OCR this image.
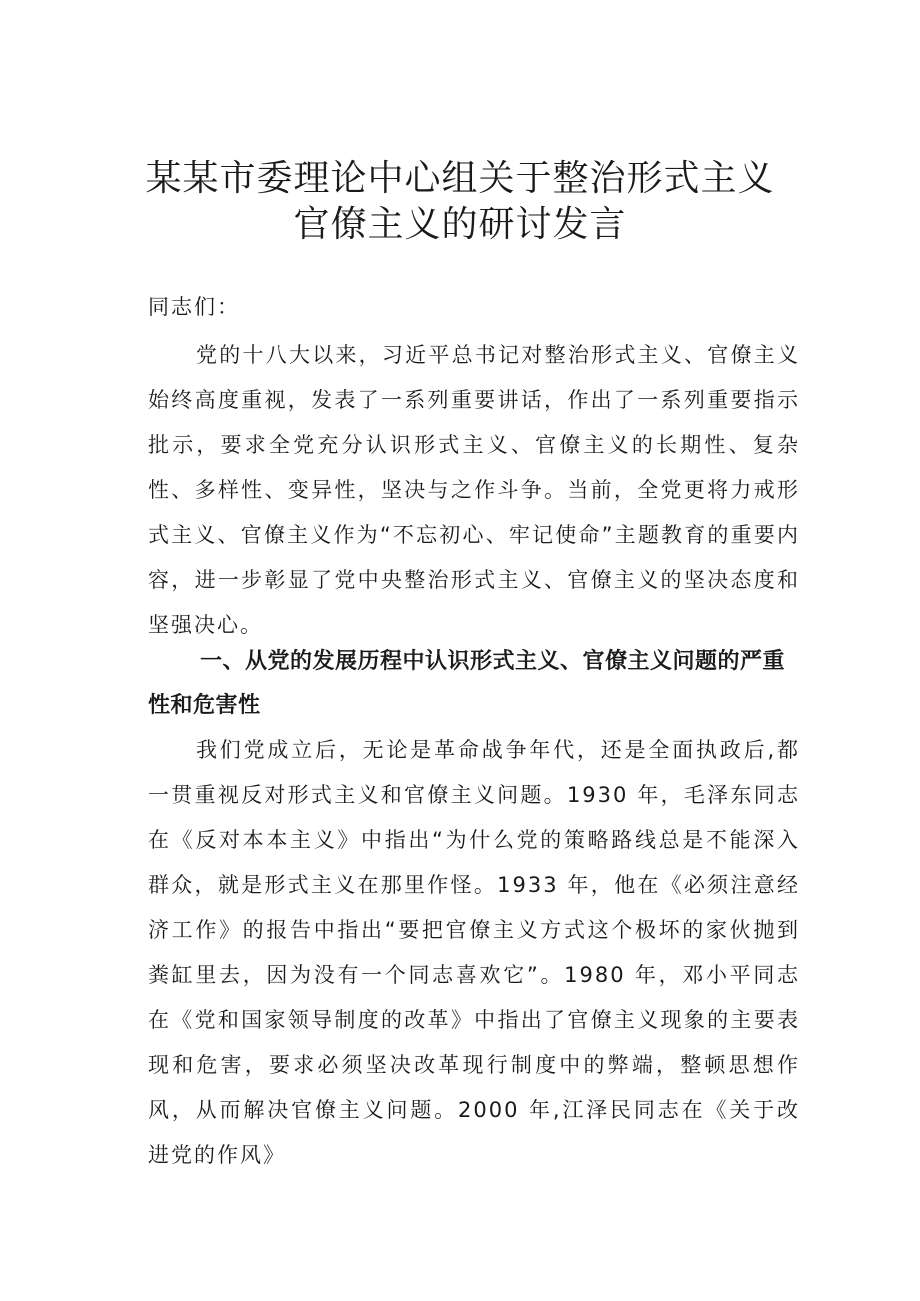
某某市委理论中心组关于整治形式主义
官僚主义的研讨发言
同志们：

党的十八大以来，习近平总书记对整治形式主义、官僚主义始终高度重视，发表了一系列重要讲话，作出了一系列重要指示批示，要求全党充分认识形式主义、官僚主义的长期性、复杂性、多样性、变异性，坚决与之作斗争。当前，全党更将力戒形式主义、官僚主义作为“不忘初心、牢记使命”主题教育的重要内容，进一步彰显了党中央整治形式主义、官僚主义的坚决态度和坚强决心。

一、从党的发展历程中认识形式主义、官僚主义问题的严重性和危害性

我们党成立后，无论是革命战争年代，还是全面执政后,都一贯重视反对形式主义和官僚主义问题。1930 年，毛泽东同志在《反对本本主义》中指出“为什么党的策略路线总是不能深入群众，就是形式主义在那里作怪。1933 年，他在《必须注意经济工作》的报告中指出“要把官僚主义方式这个极坏的家伙抛到粪缸里去，因为没有一个同志喜欢它”。1980 年，邓小平同志在《党和国家领导制度的改革》中指出了官僚主义现象的主要表现和危害，要求必须坚决改革现行制度中的弊端，整顿思想作风，从而解决官僚主义问题。2000 年,江泽民同志在《关于改进党的作风》
